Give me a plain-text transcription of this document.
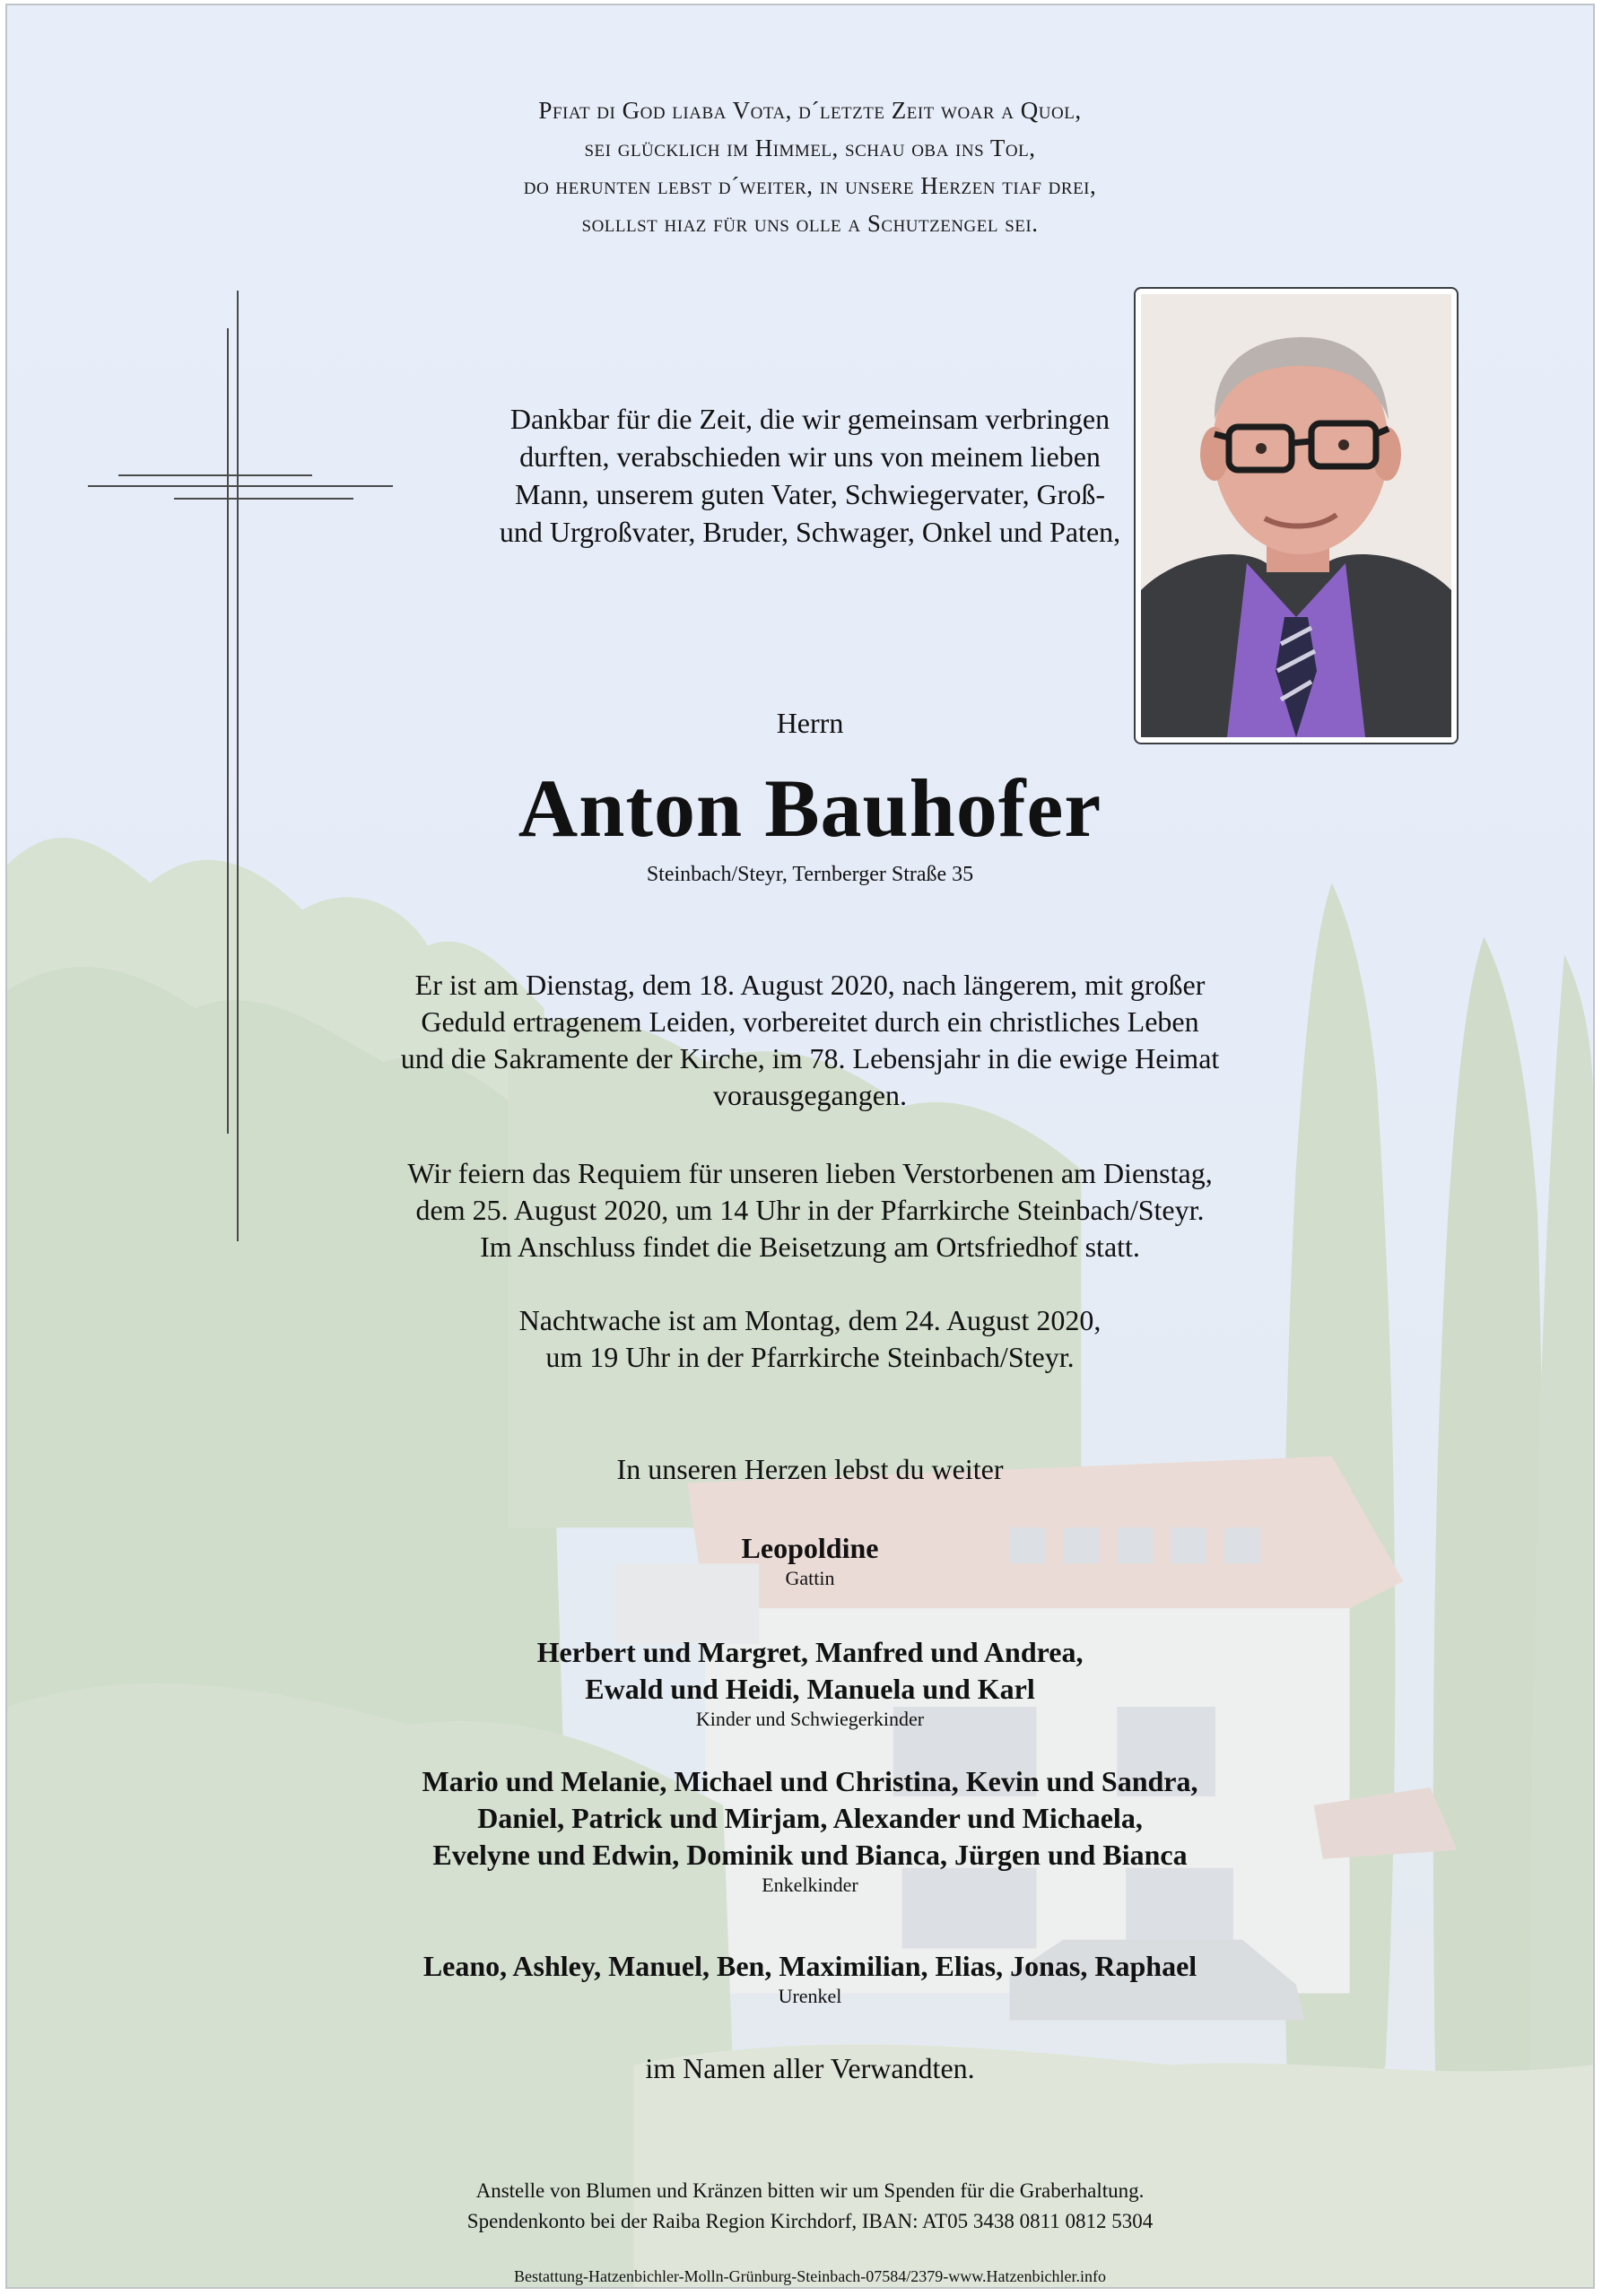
Pfiat di God liaba Vota, d´letzte Zeit woar a Quol,
sei glücklich im Himmel, schau oba ins Tol,
do herunten lebst d´weiter, in unsere Herzen tiaf drei,
solllst hiaz für uns olle a Schutzengel sei.
Dankbar für die Zeit, die wir gemeinsam verbringen
durften, verabschieden wir uns von meinem lieben
Mann, unserem guten Vater, Schwiegervater, Groß-
und Urgroßvater, Bruder, Schwager, Onkel und Paten,
Herrn
Anton Bauhofer
Steinbach/Steyr, Ternberger Straße 35
Er ist am Dienstag, dem 18. August 2020, nach längerem, mit großer
Geduld ertragenem Leiden, vorbereitet durch ein christliches Leben
und die Sakramente der Kirche, im 78. Lebensjahr in die ewige Heimat
vorausgegangen.
Wir feiern das Requiem für unseren lieben Verstorbenen am Dienstag,
dem 25. August 2020, um 14 Uhr in der Pfarrkirche Steinbach/Steyr.
Im Anschluss findet die Beisetzung am Ortsfriedhof statt.
Nachtwache ist am Montag, dem 24. August 2020,
um 19 Uhr in der Pfarrkirche Steinbach/Steyr.
In unseren Herzen lebst du weiter
Leopoldine
Gattin
Herbert und Margret, Manfred und Andrea,
Ewald und Heidi, Manuela und Karl
Kinder und Schwiegerkinder
Mario und Melanie, Michael und Christina, Kevin und Sandra,
Daniel, Patrick und Mirjam, Alexander und Michaela,
Evelyne und Edwin, Dominik und Bianca, Jürgen und Bianca
Enkelkinder
Leano, Ashley, Manuel, Ben, Maximilian, Elias, Jonas, Raphael
Urenkel
im Namen aller Verwandten.
Anstelle von Blumen und Kränzen bitten wir um Spenden für die Graberhaltung.
Spendenkonto bei der Raiba Region Kirchdorf, IBAN: AT05 3438 0811 0812 5304
Bestattung-Hatzenbichler-Molln-Grünburg-Steinbach-07584/2379-www.Hatzenbichler.info
